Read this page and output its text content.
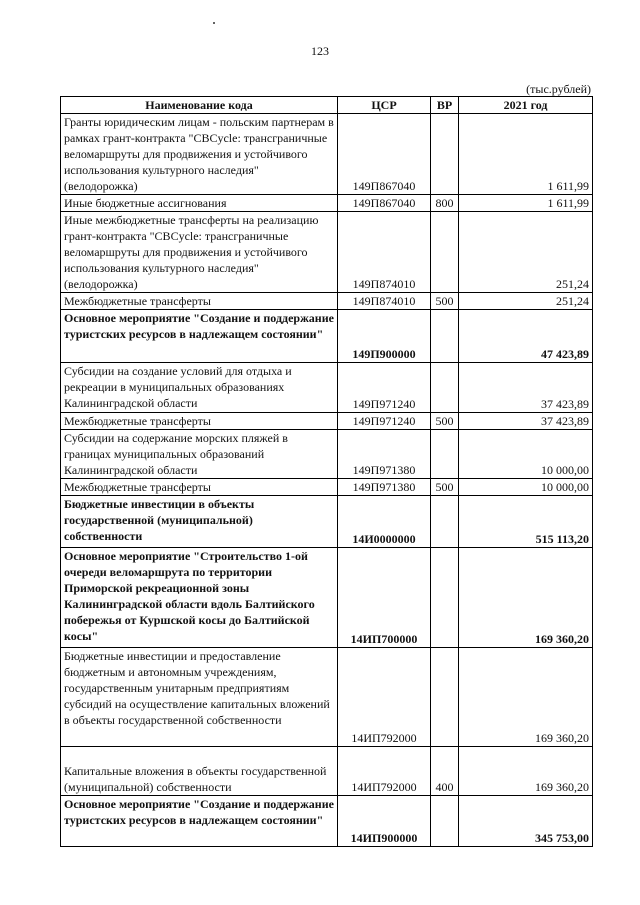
123
(тыс.рублей)
Наименование кода	ЦСР	ВР	2021 год
Гранты юридическим лицам - польским партнерам в рамках грант-контракта "CBCycle: трансграничные веломаршруты для продвижения и устойчивого использования культурного наследия" (велодорожка)	149П867040		1 611,99
Иные бюджетные ассигнования	149П867040	800	1 611,99
Иные межбюджетные трансферты на реализацию грант-контракта "CBCycle: трансграничные веломаршруты для продвижения и устойчивого использования культурного наследия" (велодорожка)	149П874010		251,24
Межбюджетные трансферты	149П874010	500	251,24
Основное мероприятие "Создание и поддержание туристских ресурсов в надлежащем состоянии"	149П900000		47 423,89
Субсидии на создание условий для отдыха и рекреации в муниципальных образованиях Калининградской области	149П971240		37 423,89
Межбюджетные трансферты	149П971240	500	37 423,89
Субсидии на содержание морских пляжей в границах муниципальных образований Калининградской области	149П971380		10 000,00
Межбюджетные трансферты	149П971380	500	10 000,00
Бюджетные инвестиции в объекты государственной (муниципальной) собственности	14И0000000		515 113,20
Основное мероприятие "Строительство 1-ой очереди веломаршрута по территории Приморской рекреационной зоны Калининградской области вдоль Балтийского побережья от Куршской косы до Балтийской косы"	14ИП700000		169 360,20
Бюджетные инвестиции и предоставление бюджетным и автономным учреждениям, государственным унитарным предприятиям субсидий на осуществление капитальных вложений в объекты государственной собственности	14ИП792000		169 360,20
Капитальные вложения в объекты государственной (муниципальной) собственности	14ИП792000	400	169 360,20
Основное мероприятие "Создание и поддержание туристских ресурсов в надлежащем состоянии"	14ИП900000		345 753,00
